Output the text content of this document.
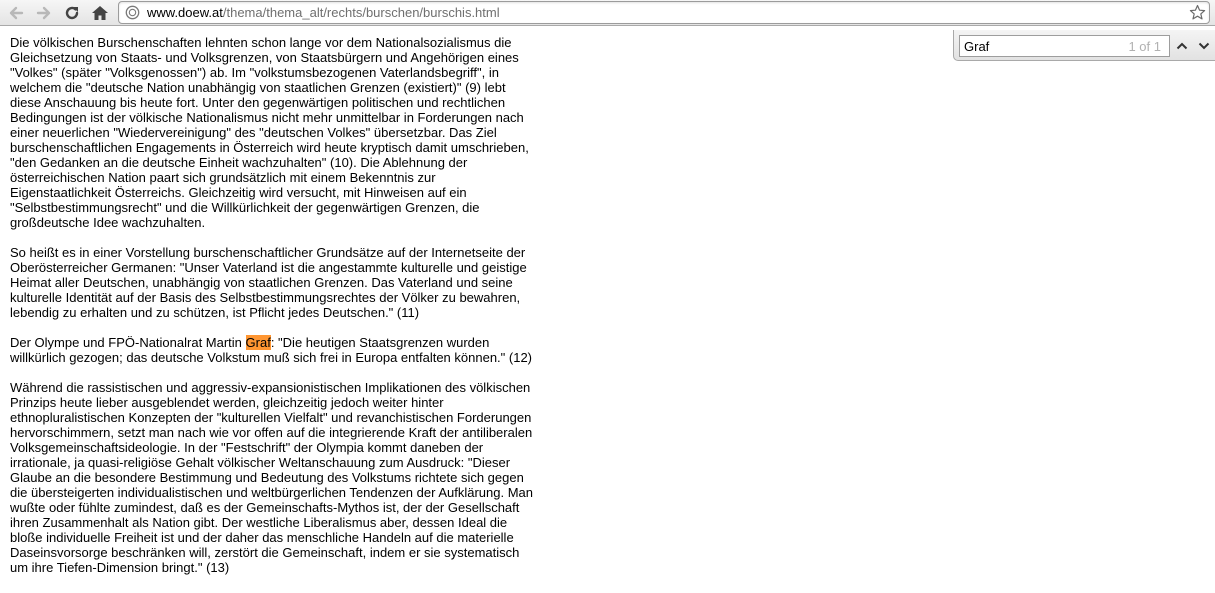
www.doew.at/thema/thema_alt/rechts/burschen/burschis.html
Graf
1 of 1

Die völkischen Burschenschaften lehnten schon lange vor dem Nationalsozialismus die Gleichsetzung von Staats- und Volksgrenzen, von Staatsbürgern und Angehörigen eines "Volkes" (später "Volksgenossen") ab. Im "volkstumsbezogenen Vaterlandsbegriff", in welchem die "deutsche Nation unabhängig von staatlichen Grenzen (existiert)" (9) lebt diese Anschauung bis heute fort. Unter den gegenwärtigen politischen und rechtlichen Bedingungen ist der völkische Nationalismus nicht mehr unmittelbar in Forderungen nach einer neuerlichen "Wiedervereinigung" des "deutschen Volkes" übersetzbar. Das Ziel burschenschaftlichen Engagements in Österreich wird heute kryptisch damit umschrieben, "den Gedanken an die deutsche Einheit wachzuhalten" (10). Die Ablehnung der österreichischen Nation paart sich grundsätzlich mit einem Bekenntnis zur Eigenstaatlichkeit Österreichs. Gleichzeitig wird versucht, mit Hinweisen auf ein "Selbstbestimmungsrecht" und die Willkürlichkeit der gegenwärtigen Grenzen, die großdeutsche Idee wachzuhalten.

So heißt es in einer Vorstellung burschenschaftlicher Grundsätze auf der Internetseite der Oberösterreicher Germanen: "Unser Vaterland ist die angestammte kulturelle und geistige Heimat aller Deutschen, unabhängig von staatlichen Grenzen. Das Vaterland und seine kulturelle Identität auf der Basis des Selbstbestimmungsrechtes der Völker zu bewahren, lebendig zu erhalten und zu schützen, ist Pflicht jedes Deutschen." (11)

Der Olympe und FPÖ-Nationalrat Martin Graf: "Die heutigen Staatsgrenzen wurden willkürlich gezogen; das deutsche Volkstum muß sich frei in Europa entfalten können." (12)

Während die rassistischen und aggressiv-expansionistischen Implikationen des völkischen Prinzips heute lieber ausgeblendet werden, gleichzeitig jedoch weiter hinter ethnopluralistischen Konzepten der "kulturellen Vielfalt" und revanchistischen Forderungen hervorschimmern, setzt man nach wie vor offen auf die integrierende Kraft der antiliberalen Volksgemeinschaftsideologie. In der "Festschrift" der Olympia kommt daneben der irrationale, ja quasi-religiöse Gehalt völkischer Weltanschauung zum Ausdruck: "Dieser Glaube an die besondere Bestimmung und Bedeutung des Volkstums richtete sich gegen die übersteigerten individualistischen und weltbürgerlichen Tendenzen der Aufklärung. Man wußte oder fühlte zumindest, daß es der Gemeinschafts-Mythos ist, der der Gesellschaft ihren Zusammenhalt als Nation gibt. Der westliche Liberalismus aber, dessen Ideal die bloße individuelle Freiheit ist und der daher das menschliche Handeln auf die materielle Daseinsvorsorge beschränken will, zerstört die Gemeinschaft, indem er sie systematisch um ihre Tiefen-Dimension bringt." (13)
